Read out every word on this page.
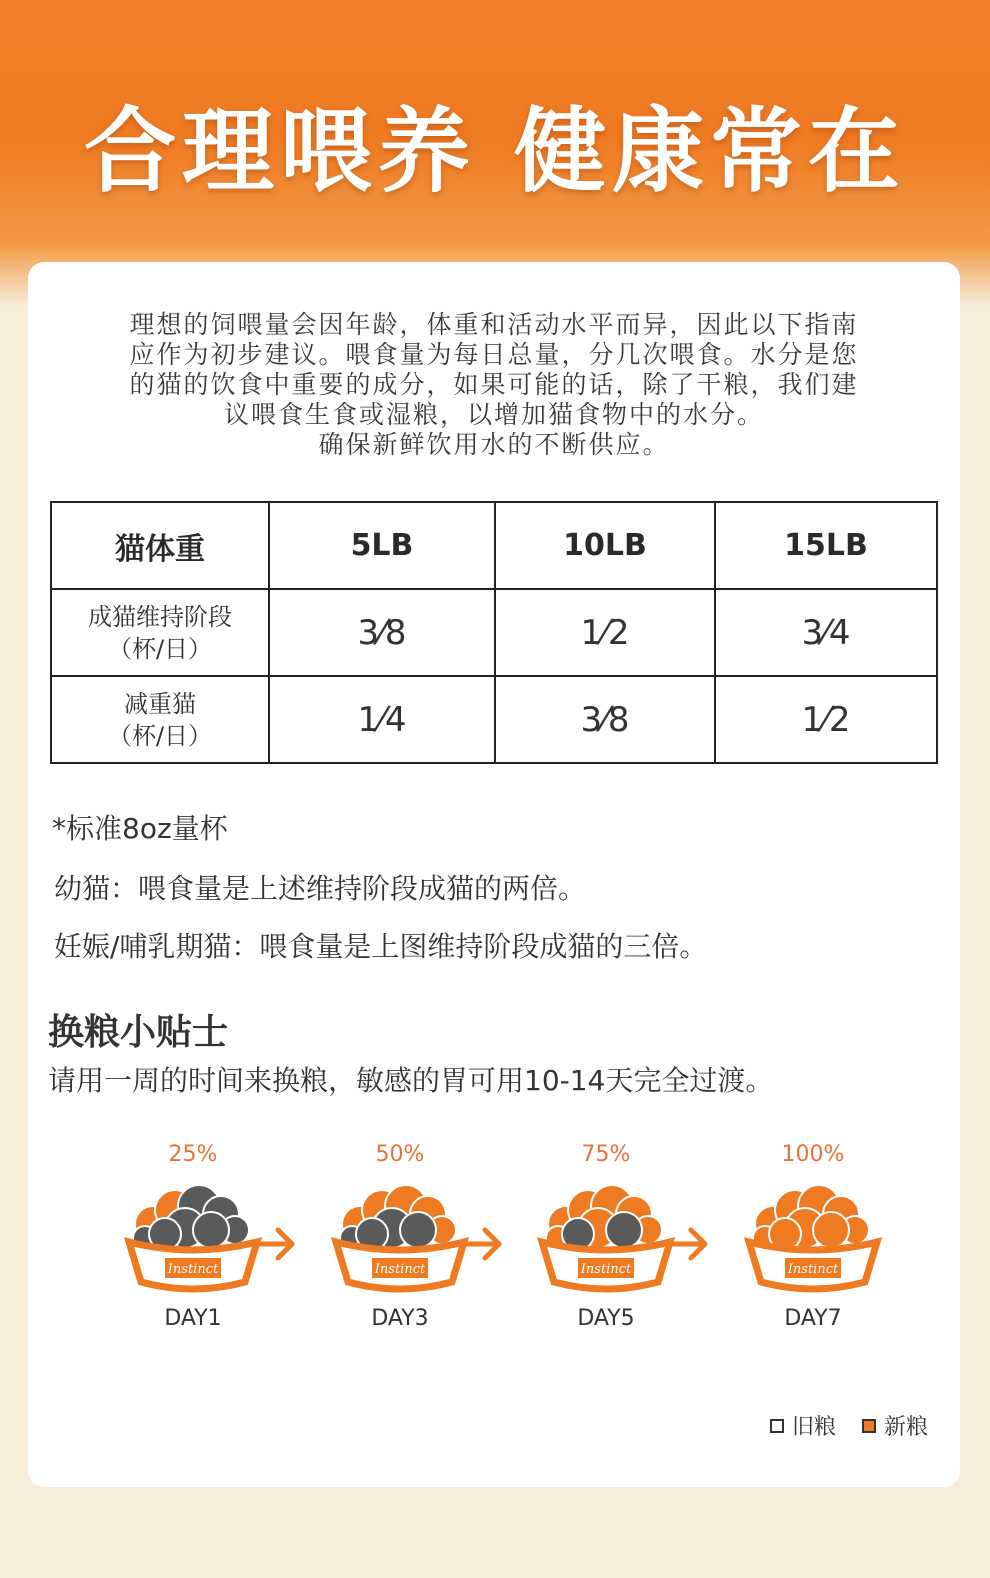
合理喂养 健康常在
理想的饲喂量会因年龄，体重和活动水平而异，因此以下指南
应作为初步建议。喂食量为每日总量，分几次喂食。水分是您
的猫的饮食中重要的成分，如果可能的话，除了干粮，我们建
议喂食生食或湿粮，以增加猫食物中的水分。
确保新鲜饮用水的不断供应。
猫体重	5LB	10LB	15LB

成猫维持阶段
（杯/日）	3⁄8	1⁄2	3⁄4

减重猫
（杯/日）	1⁄4	3⁄8	1⁄2
*标准8oz量杯
幼猫：喂食量是上述维持阶段成猫的两倍。
妊娠/哺乳期猫：喂食量是上图维持阶段成猫的三倍。
换粮小贴士
请用一周的时间来换粮，敏感的胃可用10-14天完全过渡。
25%
Instinct
DAY1
50%
Instinct
DAY3
75%
Instinct
DAY5
100%
Instinct
DAY7
旧粮 新粮
